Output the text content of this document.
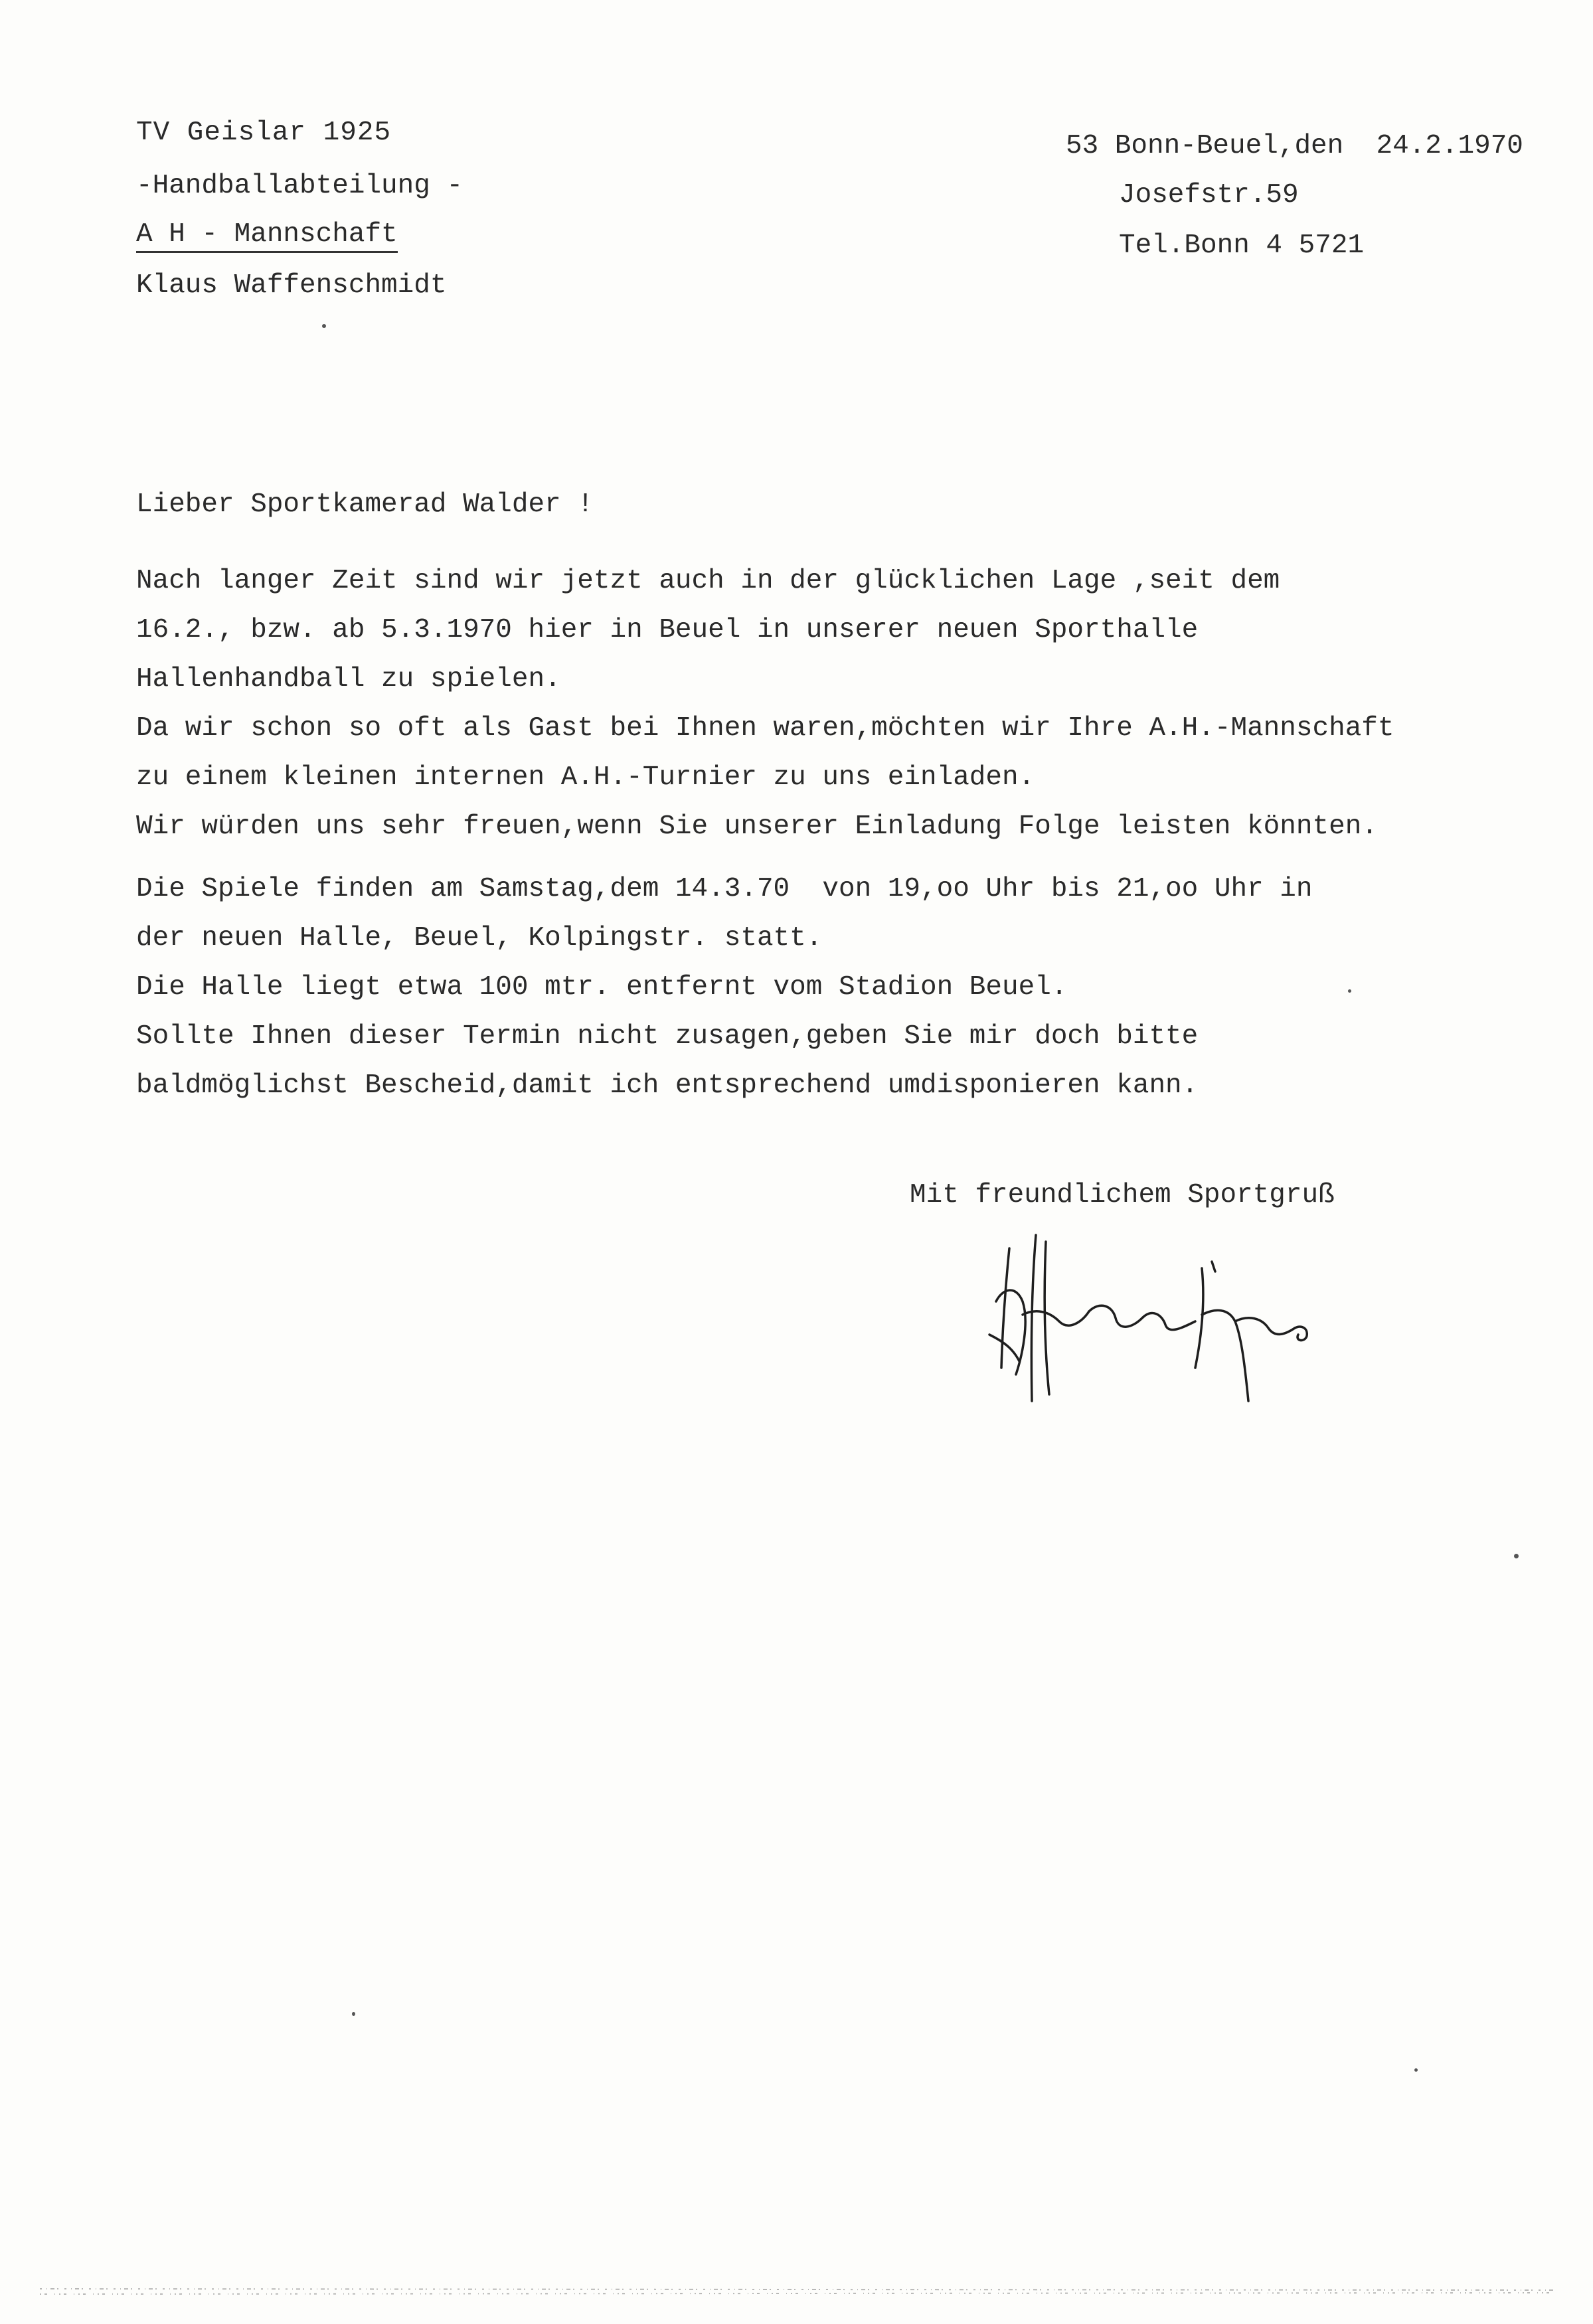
TV Geislar 1925
-Handballabteilung -
A H - Mannschaft
Klaus Waffenschmidt
53 Bonn-Beuel,den  24.2.1970
Josefstr.59
Tel.Bonn 4 5721
Lieber Sportkamerad Walder !
Nach langer Zeit sind wir jetzt auch in der glücklichen Lage ,seit dem
16.2., bzw. ab 5.3.1970 hier in Beuel in unserer neuen Sporthalle
Hallenhandball zu spielen.
Da wir schon so oft als Gast bei Ihnen waren,möchten wir Ihre A.H.-Mannschaft
zu einem kleinen internen A.H.-Turnier zu uns einladen.
Wir würden uns sehr freuen,wenn Sie unserer Einladung Folge leisten könnten.
Die Spiele finden am Samstag,dem 14.3.70  von 19,oo Uhr bis 21,oo Uhr in
der neuen Halle, Beuel, Kolpingstr. statt.
Die Halle liegt etwa 100 mtr. entfernt vom Stadion Beuel.
Sollte Ihnen dieser Termin nicht zusagen,geben Sie mir doch bitte
baldmöglichst Bescheid,damit ich entsprechend umdisponieren kann.
Mit freundlichem Sportgruß
